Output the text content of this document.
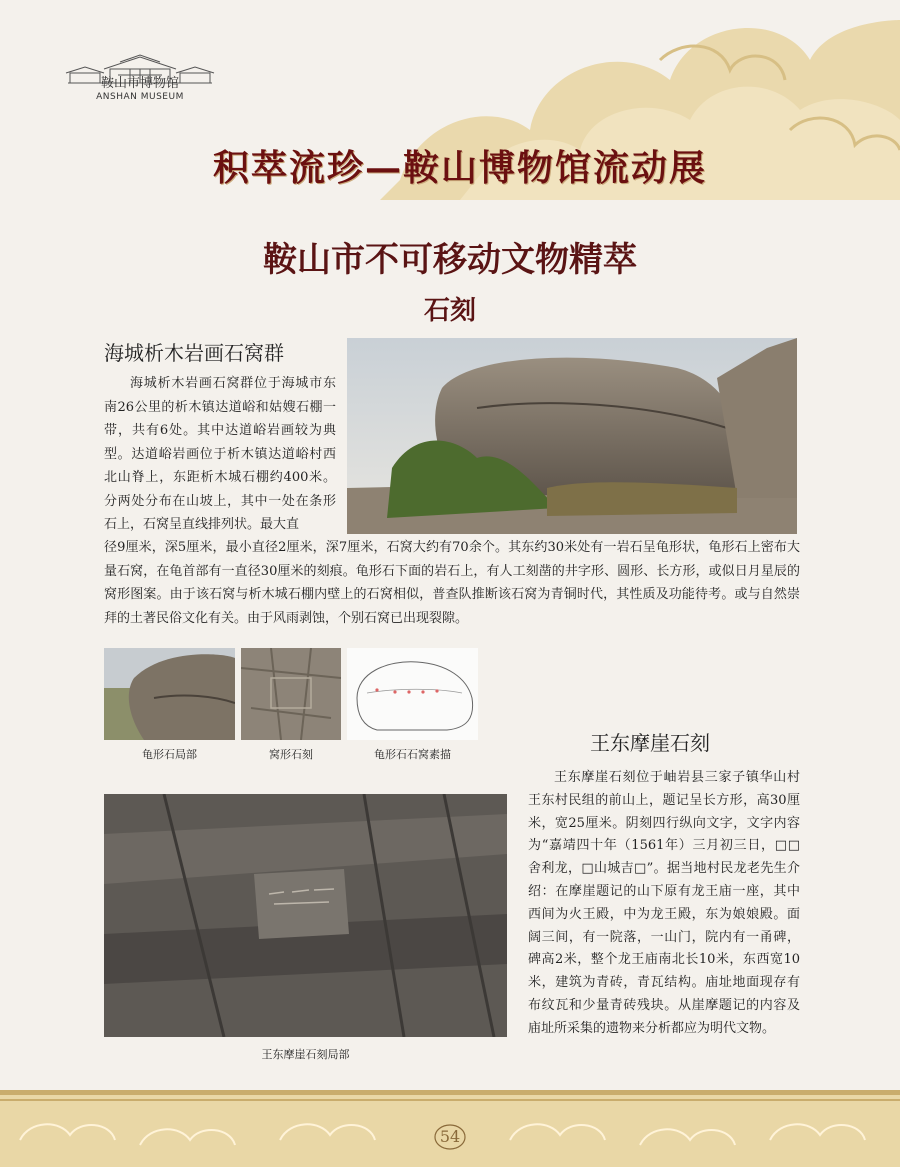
鞍山市博物馆
ANSHAN MUSEUM
积萃流珍—鞍山博物馆流动展
鞍山市不可移动文物精萃
石刻
海城析木岩画石窝群
海城析木岩画石窝群位于海城市东南26公里的析木镇达道峪和姑嫂石棚一带，共有6处。其中达道峪岩画较为典型。达道峪岩画位于析木镇达道峪村西北山脊上，东距析木城石棚约400米。分两处分布在山坡上，其中一处在条形石上，石窝呈直线排列状。最大直
径9厘米，深5厘米，最小直径2厘米，深7厘米，石窝大约有70余个。其东约30米处有一岩石呈龟形状，龟形石上密布大量石窝，在龟首部有一直径30厘米的刻痕。龟形石下面的岩石上，有人工刻凿的井字形、圆形、长方形，或似日月星辰的窝形图案。由于该石窝与析木城石棚内壁上的石窝相似，普查队推断该石窝为青铜时代，其性质及功能待考。或与自然崇拜的土著民俗文化有关。由于风雨剥蚀，个别石窝已出现裂隙。
龟形石局部	窝形石刻	龟形石石窝素描	王东摩崖石刻
王东摩崖石刻位于岫岩县三家子镇华山村王东村民组的前山上，题记呈长方形，高30厘米，宽25厘米。阴刻四行纵向文字，文字内容为“嘉靖四十年（1561年）三月初三日，□□舍利龙，□山城吉□”。据当地村民龙老先生介绍：在摩崖题记的山下原有龙王庙一座，其中西间为火王殿，中为龙王殿，东为娘娘殿。面阔三间，有一院落，一山门，院内有一甬碑，碑高2米，整个龙王庙南北长10米，东西宽10米，建筑为青砖，青瓦结构。庙址地面现存有布纹瓦和少量青砖残块。从崖摩题记的内容及庙址所采集的遗物来分析都应为明代文物。
王东摩崖石刻局部
54
